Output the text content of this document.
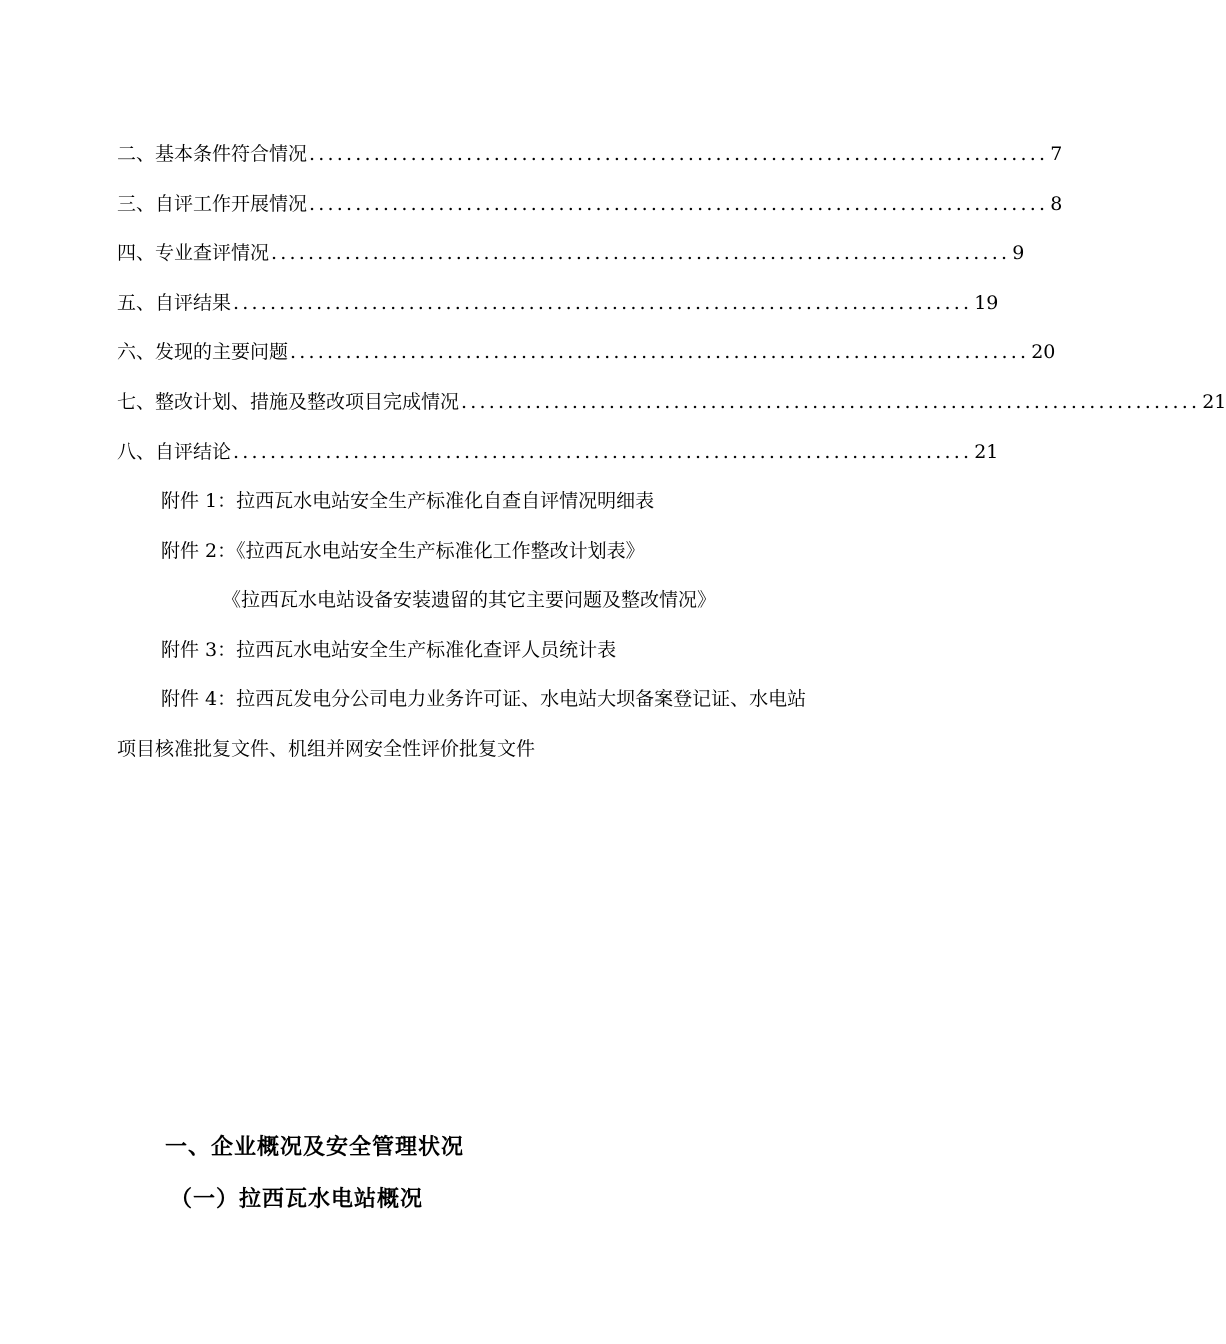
二、基本条件符合情况 ................................................................................ 7
三、自评工作开展情况 ................................................................................ 8
四、专业查评情况 ................................................................................ 9
五、自评结果 ................................................................................ 19
六、发现的主要问题 ................................................................................ 20
七、整改计划、措施及整改项目完成情况 ................................................................................ 21
八、自评结论 ................................................................................ 21
附件 1：拉西瓦水电站安全生产标准化自查自评情况明细表
附件 2：《拉西瓦水电站安全生产标准化工作整改计划表》
《拉西瓦水电站设备安装遗留的其它主要问题及整改情况》
附件 3：拉西瓦水电站安全生产标准化查评人员统计表
附件 4：拉西瓦发电分公司电力业务许可证、水电站大坝备案登记证、水电站项目核准批复文件、机组并网安全性评价批复文件
一、企业概况及安全管理状况
（一）拉西瓦水电站概况
